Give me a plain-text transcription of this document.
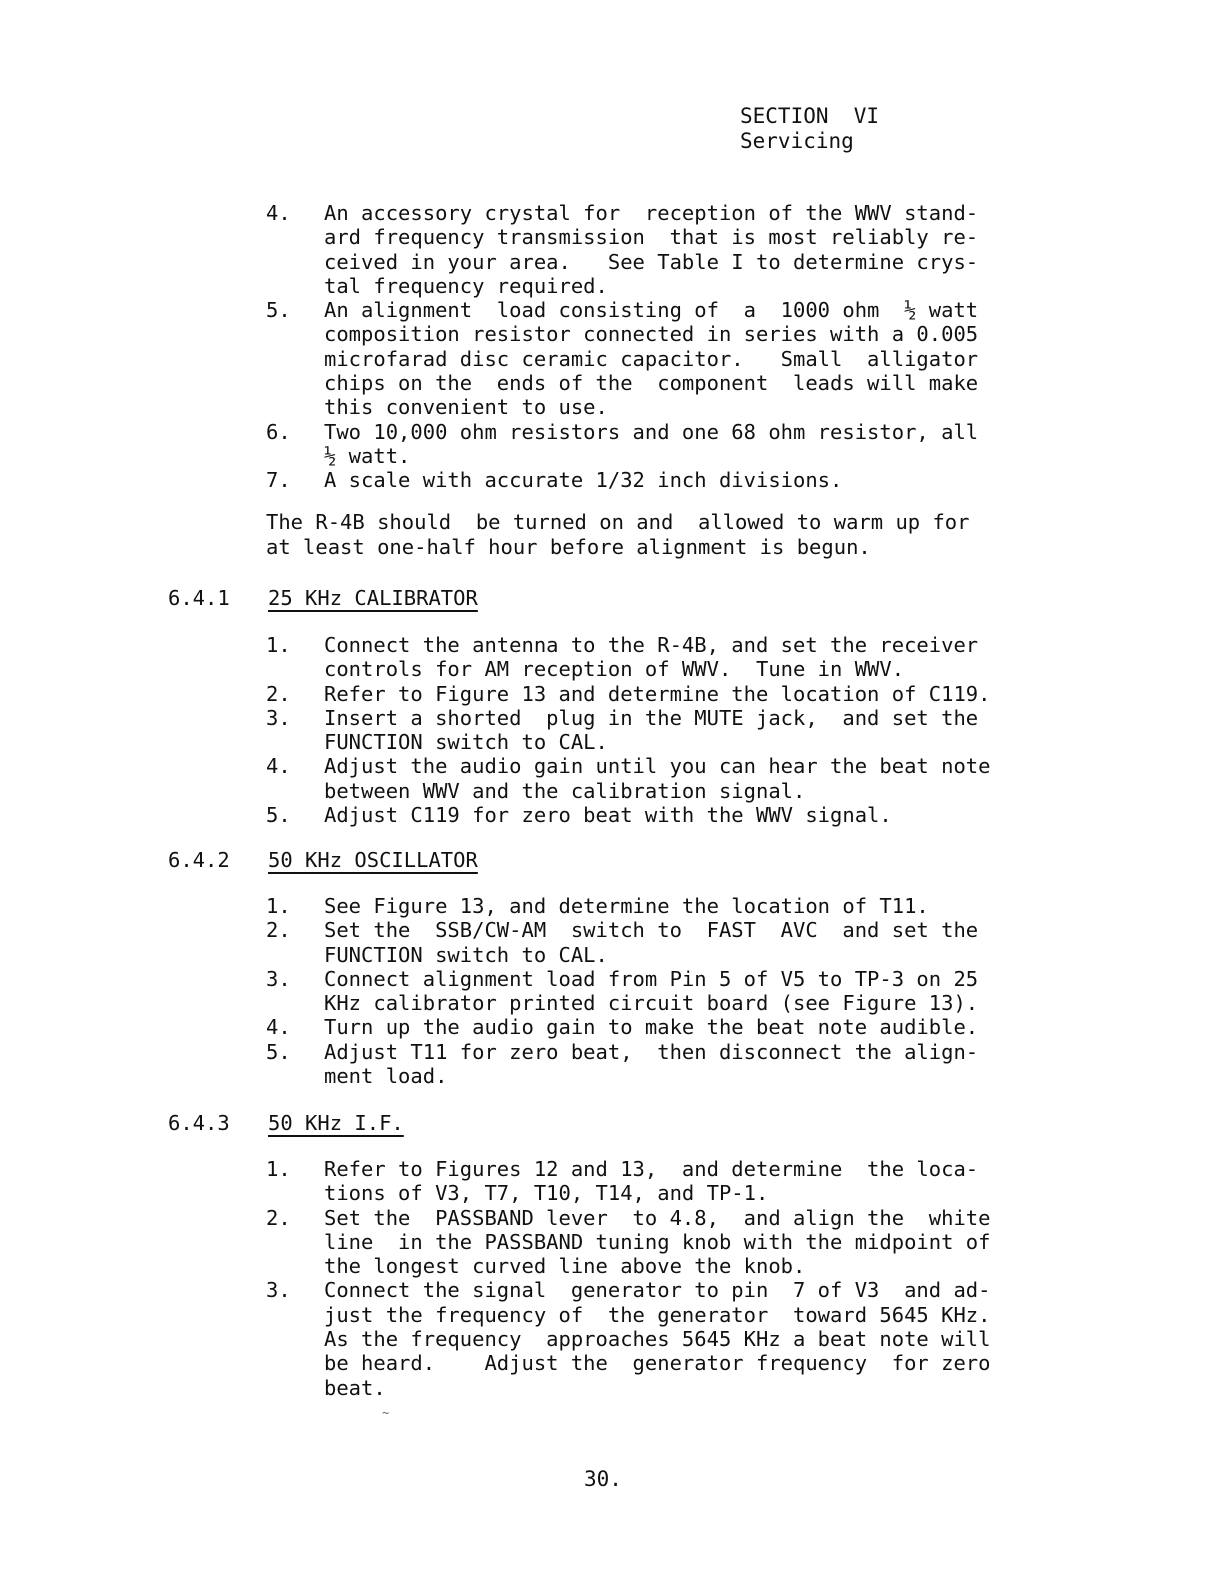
SECTION  VI
Servicing
4.	An accessory crystal for  reception of the WWV stand-
ard frequency transmission  that is most reliably re-
ceived in your area.   See Table I to determine crys-
tal frequency required.
5.	An alignment  load consisting of  a  1000 ohm  ½ watt
composition resistor connected in series with a 0.005
microfarad disc ceramic capacitor.   Small  alligator
chips on the  ends of the  component  leads will make
this convenient to use.
6.	Two 10,000 ohm resistors and one 68 ohm resistor, all
½ watt.
7.	A scale with accurate 1/32 inch divisions.
The R-4B should  be turned on and  allowed to warm up for
at least one-half hour before alignment is begun.
6.4.1	25 KHz CALIBRATOR
1.	Connect the antenna to the R-4B, and set the receiver
controls for AM reception of WWV.  Tune in WWV.
2.	Refer to Figure 13 and determine the location of C119.
3.	Insert a shorted  plug in the MUTE jack,  and set the
FUNCTION switch to CAL.
4.	Adjust the audio gain until you can hear the beat note
between WWV and the calibration signal.
5.	Adjust C119 for zero beat with the WWV signal.
6.4.2	50 KHz OSCILLATOR
1.	See Figure 13, and determine the location of T11.
2.	Set the  SSB/CW-AM  switch to  FAST  AVC  and set the
FUNCTION switch to CAL.
3.	Connect alignment load from Pin 5 of V5 to TP-3 on 25
KHz calibrator printed circuit board (see Figure 13).
4.	Turn up the audio gain to make the beat note audible.
5.	Adjust T11 for zero beat,  then disconnect the align-
ment load.
6.4.3	50 KHz I.F.
1.	Refer to Figures 12 and 13,  and determine  the loca-
tions of V3, T7, T10, T14, and TP-1.
2.	Set the  PASSBAND lever  to 4.8,  and align the  white
line  in the PASSBAND tuning knob with the midpoint of
the longest curved line above the knob.
3.	Connect the signal  generator to pin  7 of V3  and ad-
just the frequency of  the generator  toward 5645 KHz.
As the frequency  approaches 5645 KHz a beat note will
be heard.    Adjust the  generator frequency  for zero
beat.
~
30.
